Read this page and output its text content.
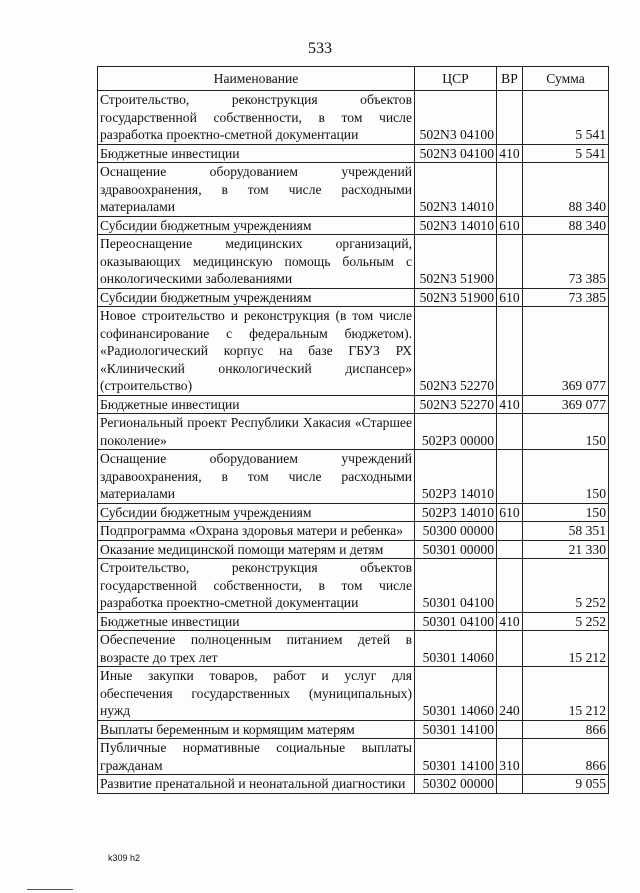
533
Наименование	ЦСР	ВР	Сумма
Строительство, реконструкция объектов государственной собственности, в том числе разработка проектно-сметной документации	502N3 04100		5 541
Бюджетные инвестиции	502N3 04100	410	5 541
Оснащение оборудованием учреждений здравоохранения, в том числе расходными материалами	502N3 14010		88 340
Субсидии бюджетным учреждениям	502N3 14010	610	88 340
Переоснащение медицинских организаций, оказывающих медицинскую помощь больным с онкологическими заболеваниями	502N3 51900		73 385
Субсидии бюджетным учреждениям	502N3 51900	610	73 385
Новое строительство и реконструкция (в том числе софинансирование с федеральным бюджетом). «Радиологический корпус на базе ГБУЗ РХ «Клинический онкологический диспансер» (строительство)	502N3 52270		369 077
Бюджетные инвестиции	502N3 52270	410	369 077
Региональный проект Республики Хакасия «Старшее поколение»	502P3 00000		150
Оснащение оборудованием учреждений здравоохранения, в том числе расходными материалами	502P3 14010		150
Субсидии бюджетным учреждениям	502P3 14010	610	150
Подпрограмма «Охрана здоровья матери и ребенка»	50300 00000		58 351
Оказание медицинской помощи матерям и детям	50301 00000		21 330
Строительство, реконструкция объектов государственной собственности, в том числе разработка проектно-сметной документации	50301 04100		5 252
Бюджетные инвестиции	50301 04100	410	5 252
Обеспечение полноценным питанием детей в возрасте до трех лет	50301 14060		15 212
Иные закупки товаров, работ и услуг для обеспечения государственных (муниципальных) нужд	50301 14060	240	15 212
Выплаты беременным и кормящим матерям	50301 14100		866
Публичные нормативные социальные выплаты гражданам	50301 14100	310	866
Развитие пренатальной и неонатальной диагностики	50302 00000		9 055
k309 h2
